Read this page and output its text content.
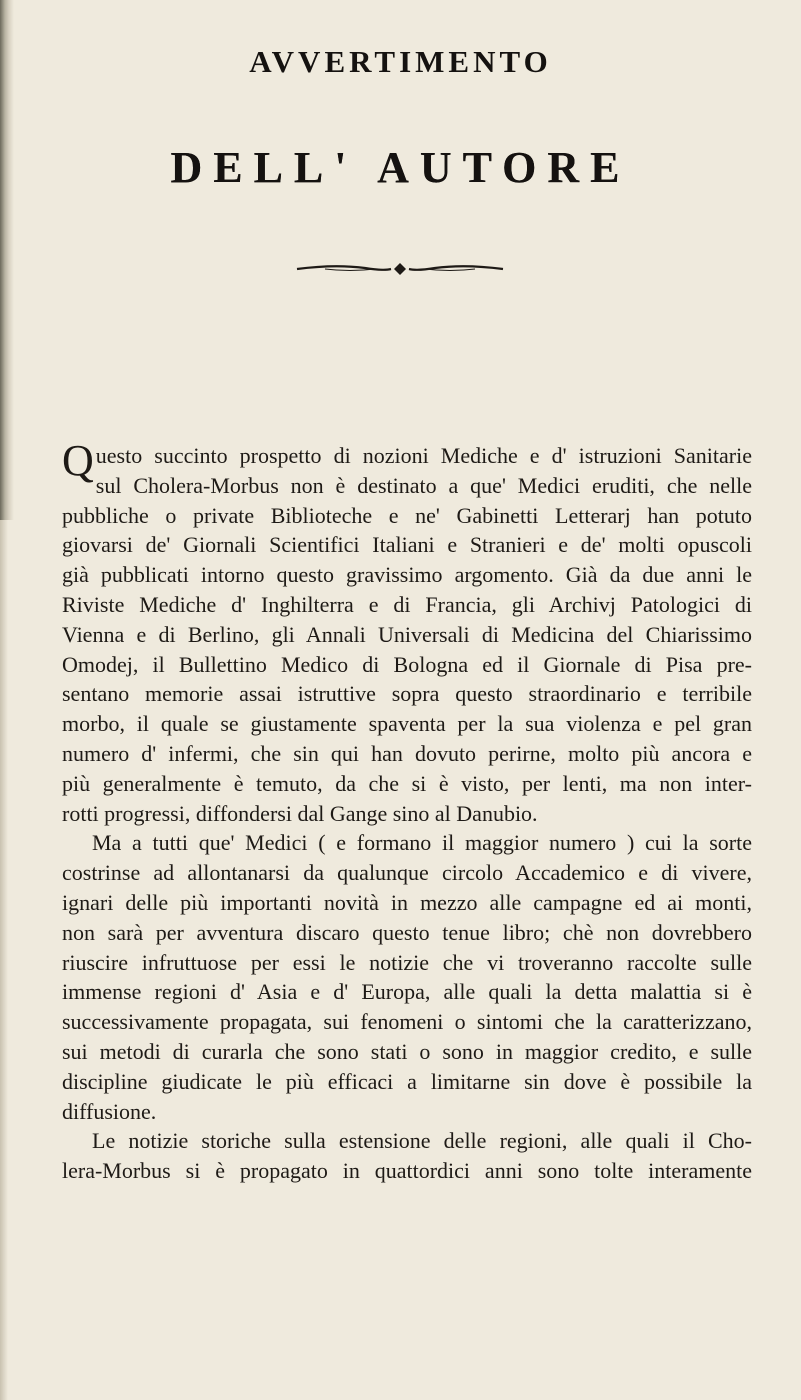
AVVERTIMENTO
DELL' AUTORE

Q uesto succinto prospetto di nozioni Mediche e d' istruzioni Sanitarie
sul Cholera-Morbus non è destinato a que' Medici eruditi, che nelle
pubbliche o private Biblioteche e ne' Gabinetti Letterarj han potuto
giovarsi de' Giornali Scientifici Italiani e Stranieri e de' molti opuscoli
già pubblicati intorno questo gravissimo argomento. Già da due anni le
Riviste Mediche d' Inghilterra e di Francia, gli Archivj Patologici di
Vienna e di Berlino, gli Annali Universali di Medicina del Chiarissimo
Omodej, il Bullettino Medico di Bologna ed il Giornale di Pisa pre-
sentano memorie assai istruttive sopra questo straordinario e terribile
morbo, il quale se giustamente spaventa per la sua violenza e pel gran
numero d' infermi, che sin qui han dovuto perirne, molto più ancora e
più generalmente è temuto, da che si è visto, per lenti, ma non inter-
rotti progressi, diffondersi dal Gange sino al Danubio.

Ma a tutti que' Medici ( e formano il maggior numero ) cui la sorte
costrinse ad allontanarsi da qualunque circolo Accademico e di vivere,
ignari delle più importanti novità in mezzo alle campagne ed ai monti,
non sarà per avventura discaro questo tenue libro; chè non dovrebbero
riuscire infruttuose per essi le notizie che vi troveranno raccolte sulle
immense regioni d' Asia e d' Europa, alle quali la detta malattia si è
successivamente propagata, sui fenomeni o sintomi che la caratterizzano,
sui metodi di curarla che sono stati o sono in maggior credito, e sulle
discipline giudicate le più efficaci a limitarne sin dove è possibile la
diffusione.

Le notizie storiche sulla estensione delle regioni, alle quali il Cho-
lera-Morbus si è propagato in quattordici anni sono tolte interamente
